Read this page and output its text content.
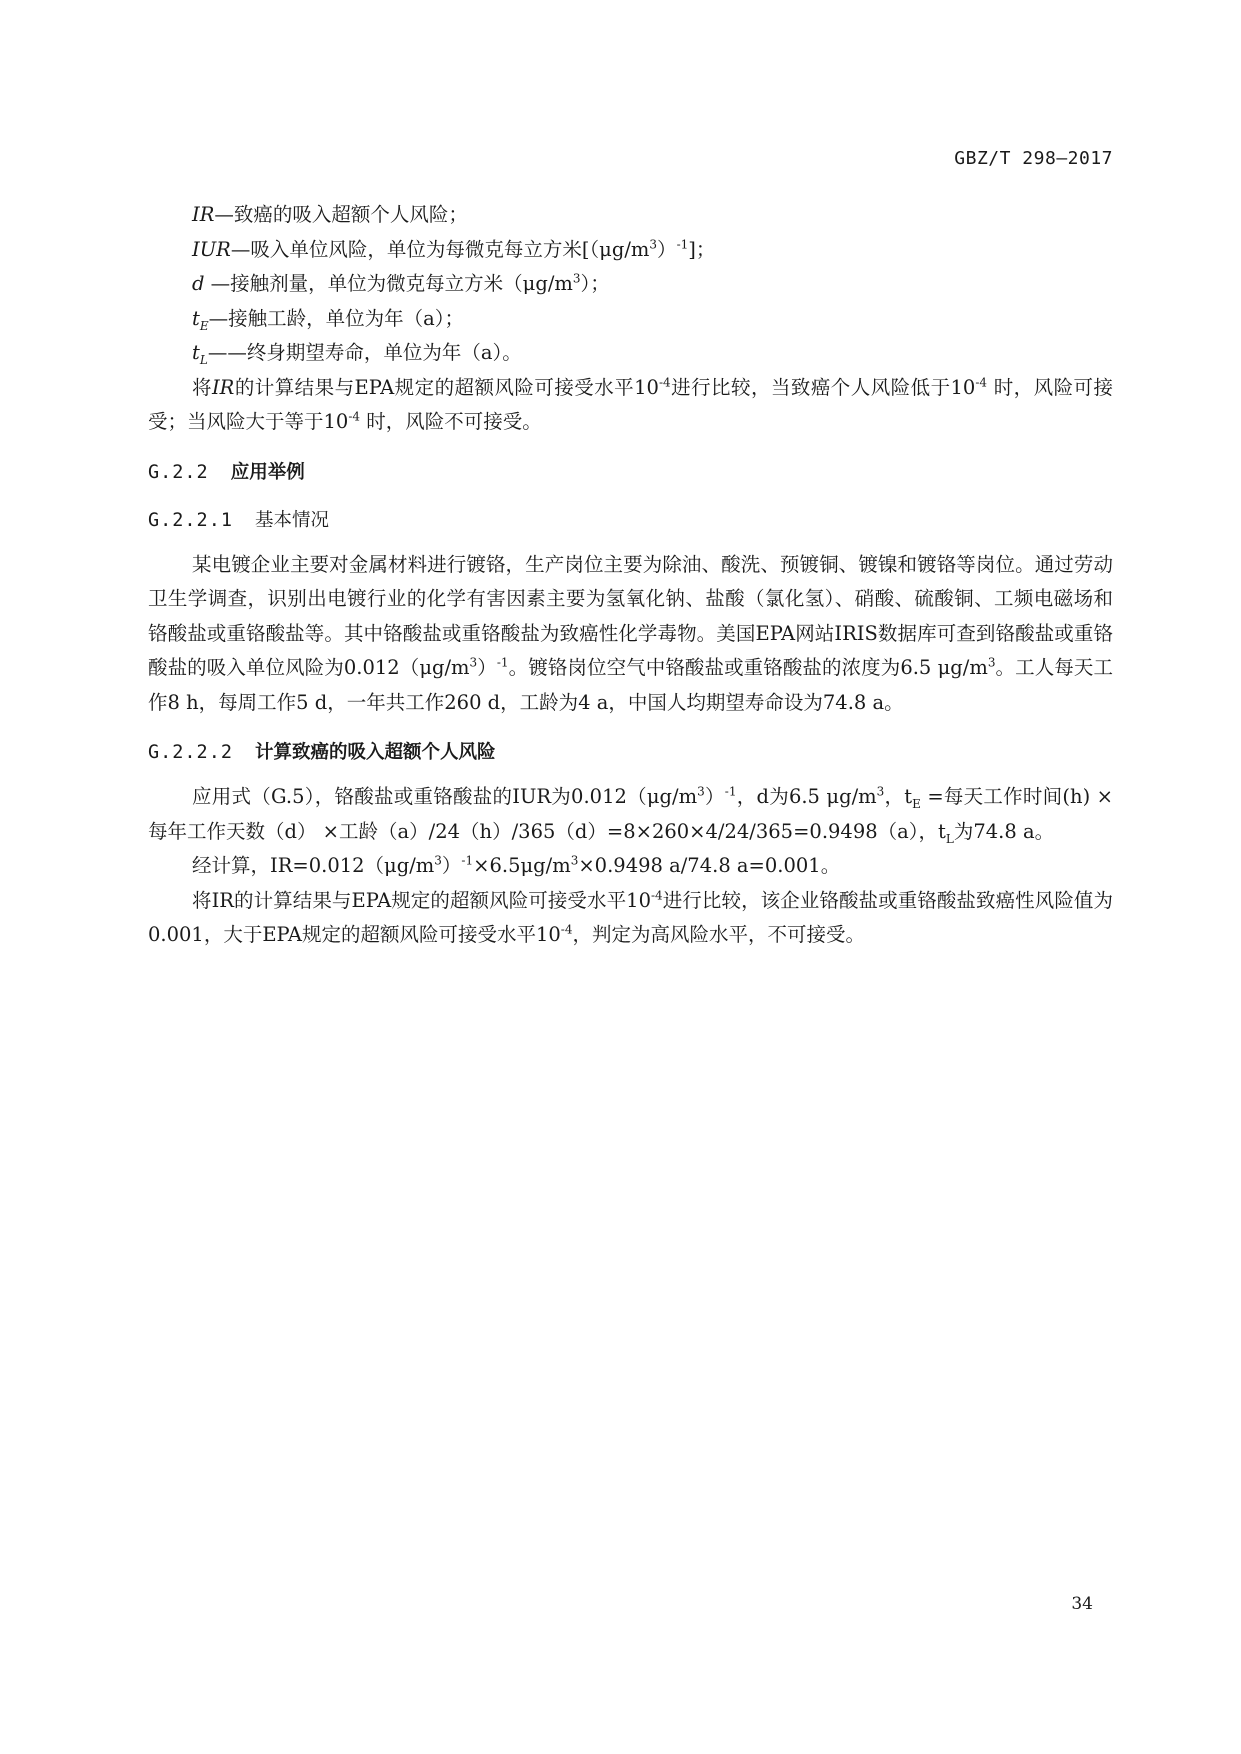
GBZ/T 298—2017
IR—致癌的吸入超额个人风险；
IUR—吸入单位风险，单位为每微克每立方米$[(\mu g/m^3)^{-1}]$；
d —接触剂量，单位为微克每立方米$(\mu g/m^3)$；
$t_E—$接触工龄，单位为年（a）；
$t_L——$终身期望寿命，单位为年（a）。

将IR的计算结果与EPA规定的超额风险可接受水平$10^{-4}$进行比较，当致癌个人风险低于$10^{-4}$ 时，风险可接受；当风险大于等于$10^{-4}$ 时，风险不可接受。

G.2.2 应用举例

G.2.2.1 基本情况

某电镀企业主要对金属材料进行镀铬，生产岗位主要为除油、酸洗、预镀铜、镀镍和镀铬等岗位。通过劳动卫生学调查，识别出电镀行业的化学有害因素主要为氢氧化钠、盐酸（氯化氢）、硝酸、硫酸铜、工频电磁场和铬酸盐或重铬酸盐等。其中铬酸盐或重铬酸盐为致癌性化学毒物。美国EPA网站IRIS数据库可查到铬酸盐或重铬酸盐的吸入单位风险为$0.012(\mu g/m^3)^{-1}$。镀铬岗位空气中铬酸盐或重铬酸盐的浓度为6.5 $\mu g/m^3$。工人每天工作8 h，每周工作5 d，一年共工作260 d，工龄为4 a，中国人均期望寿命设为74.8 a。

G.2.2.2 计算致癌的吸入超额个人风险

应用式（G.5），铬酸盐或重铬酸盐的IUR为$0.012(\mu g/m^3)^{-1}$，d为6.5 $\mu g/m^3$，$t_E$ =每天工作时间(h) × 每年工作天数（d） ×工龄（a）/24（h）/365（d）=8×260×4/24/365=0.9498（a），$t_L$为74.8 a。

经计算，$IR=0.012(\mu g/m^3)^{-1}\times 6.5\mu g/m^3\times 0.9498$ a/74.8 a=0.001。

将IR的计算结果与EPA规定的超额风险可接受水平$10^{-4}$进行比较，该企业铬酸盐或重铬酸盐致癌性风险值为0.001，大于EPA规定的超额风险可接受水平$10^{-4}$，判定为高风险水平，不可接受。

34
